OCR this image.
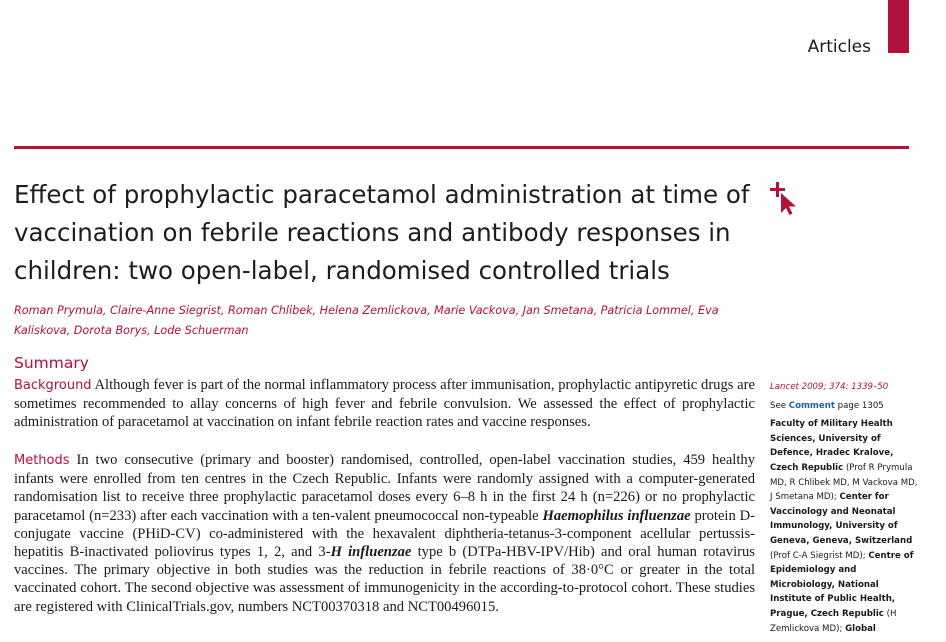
Articles
Effect of prophylactic paracetamol administration at time of vaccination on febrile reactions and antibody responses in children: two open-label, randomised controlled trials

Roman Prymula, Claire-Anne Siegrist, Roman Chlibek, Helena Zemlickova, Marie Vackova, Jan Smetana, Patricia Lommel, Eva Kaliskova, Dorota Borys, Lode Schuerman

Summary

Background Although fever is part of the normal inflammatory process after immunisation, prophylactic antipyretic drugs are sometimes recommended to allay concerns of high fever and febrile convulsion. We assessed the effect of prophylactic administration of paracetamol at vaccination on infant febrile reaction rates and vaccine responses.

Methods In two consecutive (primary and booster) randomised, controlled, open-label vaccination studies, 459 healthy infants were enrolled from ten centres in the Czech Republic. Infants were randomly assigned with a computer-generated randomisation list to receive three prophylactic paracetamol doses every 6–8 h in the first 24 h (n=226) or no prophylactic paracetamol (n=233) after each vaccination with a ten-valent pneumococcal non-typeable Haemophilus influenzae protein D-conjugate vaccine (PHiD-CV) co-administered with the hexavalent diphtheria-tetanus-3-component acellular pertussis-hepatitis B-inactivated poliovirus types 1, 2, and 3-H influenzae type b (DTPa-HBV-IPV/Hib) and oral human rotavirus vaccines. The primary objective in both studies was the reduction in febrile reactions of 38·0°C or greater in the total vaccinated cohort. The second objective was assessment of immunogenicity in the according-to-protocol cohort. These studies are registered with ClinicalTrials.gov, numbers NCT00370318 and NCT00496015.

Lancet 2009; 374: 1339–50
See Comment page 1305
Faculty of Military Health Sciences, University of Defence, Hradec Kralove, Czech Republic (Prof R Prymula MD, R Chlibek MD, M Vackova MD, J Smetana MD); Center for Vaccinology and Neonatal Immunology, University of Geneva, Geneva, Switzerland (Prof C-A Siegrist MD); Centre of Epidemiology and Microbiology, National Institute of Public Health, Prague, Czech Republic (H Zemlickova MD); Global
